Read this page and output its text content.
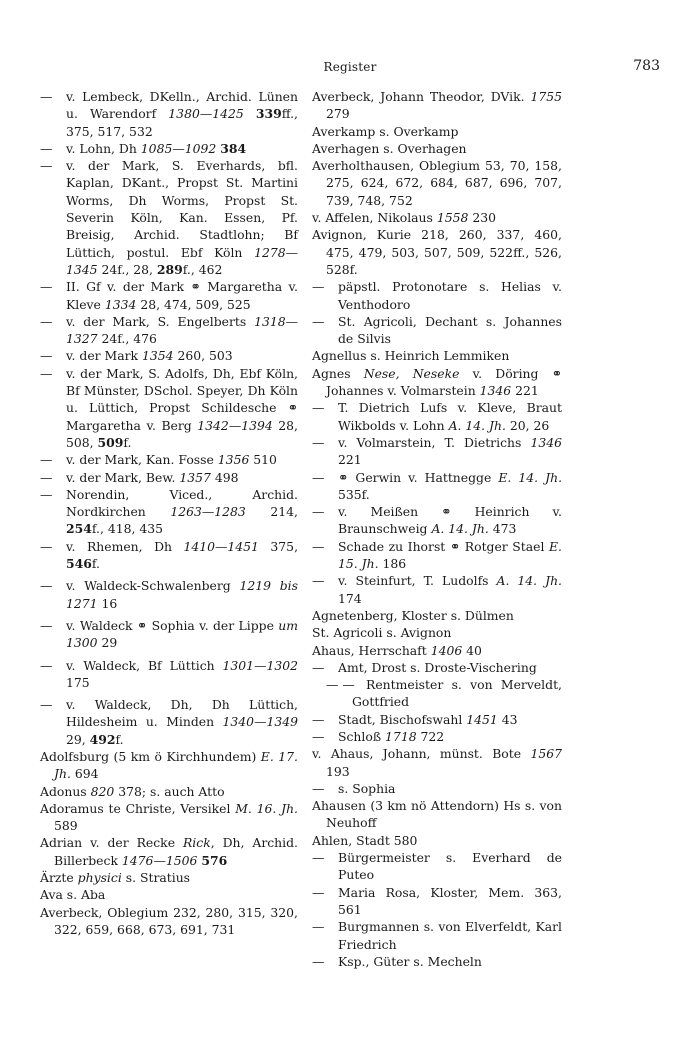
Register	783

— v. Lembeck, DKelln., Archid. Lünen u. Warendorf 1380—1425 339ff., 375, 517, 532

— v. Lohn, Dh 1085—1092 384

— v. der Mark, S. Everhards, bfl. Kaplan, DKant., Propst St. Martini Worms, Dh Worms, Propst St. Severin Köln, Kan. Essen, Pf. Breisig, Archid. Stadtlohn; Bf Lüttich, postul. Ebf Köln 1278—1345 24f., 28, 289f., 462

— II. Gf v. der Mark ⚭ Margaretha v. Kleve 1334 28, 474, 509, 525

— v. der Mark, S. Engelberts 1318—1327 24f., 476

— v. der Mark 1354 260, 503

— v. der Mark, S. Adolfs, Dh, Ebf Köln, Bf Münster, DSchol. Speyer, Dh Köln u. Lüttich, Propst Schildesche ⚭ Margaretha v. Berg 1342—1394 28, 508, 509f.

— v. der Mark, Kan. Fosse 1356 510

— v. der Mark, Bew. 1357 498

— Norendin, Viced., Archid. Nordkirchen 1263—1283 214, 254f., 418, 435

— v. Rhemen, Dh 1410—1451 375, 546f.

— v. Waldeck-Schwalenberg 1219 bis 1271 16

— v. Waldeck ⚭ Sophia v. der Lippe um 1300 29

— v. Waldeck, Bf Lüttich 1301—1302 175

— v. Waldeck, Dh, Dh Lüttich, Hildesheim u. Minden 1340—1349 29, 492f.

Adolfsburg (5 km ö Kirchhundem) E. 17. Jh. 694

Adonus 820 378; s. auch Atto

Adoramus te Christe, Versikel M. 16. Jh. 589

Adrian v. der Recke Rick, Dh, Archid. Billerbeck 1476—1506 576

Ärzte physici s. Stratius

Ava s. Aba

Averbeck, Oblegium 232, 280, 315, 320, 322, 659, 668, 673, 691, 731

Averbeck, Johann Theodor, DVik. 1755 279

Averkamp s. Overkamp

Averhagen s. Overhagen

Averholthausen, Oblegium 53, 70, 158, 275, 624, 672, 684, 687, 696, 707, 739, 748, 752

v. Affelen, Nikolaus 1558 230

Avignon, Kurie 218, 260, 337, 460, 475, 479, 503, 507, 509, 522ff., 526, 528f.

— päpstl. Protonotare s. Helias v. Venthodoro

— St. Agricoli, Dechant s. Johannes de Silvis

Agnellus s. Heinrich Lemmiken

Agnes Nese, Neseke v. Döring ⚭ Johannes v. Volmarstein 1346 221

— T. Dietrich Lufs v. Kleve, Braut Wikbolds v. Lohn A. 14. Jh. 20, 26

— v. Volmarstein, T. Dietrichs 1346 221

— ⚭ Gerwin v. Hattnegge E. 14. Jh. 535f.

— v. Meißen ⚭ Heinrich v. Braunschweig A. 14. Jh. 473

— Schade zu Ihorst ⚭ Rotger Stael E. 15. Jh. 186

— v. Steinfurt, T. Ludolfs A. 14. Jh. 174

Agnetenberg, Kloster s. Dülmen

St. Agricoli s. Avignon

Ahaus, Herrschaft 1406 40

— Amt, Drost s. Droste-Vischering

— — Rentmeister s. von Merveldt, Gottfried

— Stadt, Bischofswahl 1451 43

— Schloß 1718 722

v. Ahaus, Johann, münst. Bote 1567 193

— s. Sophia

Ahausen (3 km nö Attendorn) Hs s. von Neuhoff

Ahlen, Stadt 580

— Bürgermeister s. Everhard de Puteo

— Maria Rosa, Kloster, Mem. 363, 561

— Burgmannen s. von Elverfeldt, Karl Friedrich

— Ksp., Güter s. Mecheln
